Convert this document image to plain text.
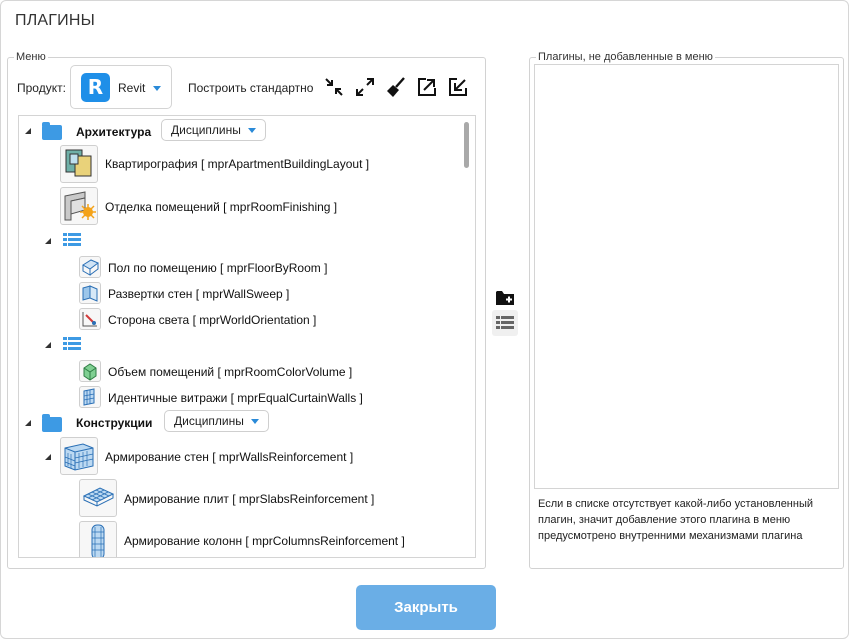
ПЛАГИНЫ
Меню	Плагины, не добавленные в меню
Продукт:	R	Revit	Построить стандартно
Архитектура	Дисциплины
Квартирография [ mprApartmentBuildingLayout ]
Отделка помещений [ mprRoomFinishing ]
Пол по помещению [ mprFloorByRoom ]
Развертки стен [ mprWallSweep ]
Сторона света [ mprWorldOrientation ]
Объем помещений [ mprRoomColorVolume ]
Идентичные витражи [ mprEqualCurtainWalls ]
Конструкции	Дисциплины
Армирование стен [ mprWallsReinforcement ]
Армирование плит [ mprSlabsReinforcement ]
Армирование колонн [ mprColumnsReinforcement ]
Если в списке отсутствует какой-либо установленный плагин, значит добавление этого плагина в меню предусмотрено внутренними механизмами плагина
Закрыть
